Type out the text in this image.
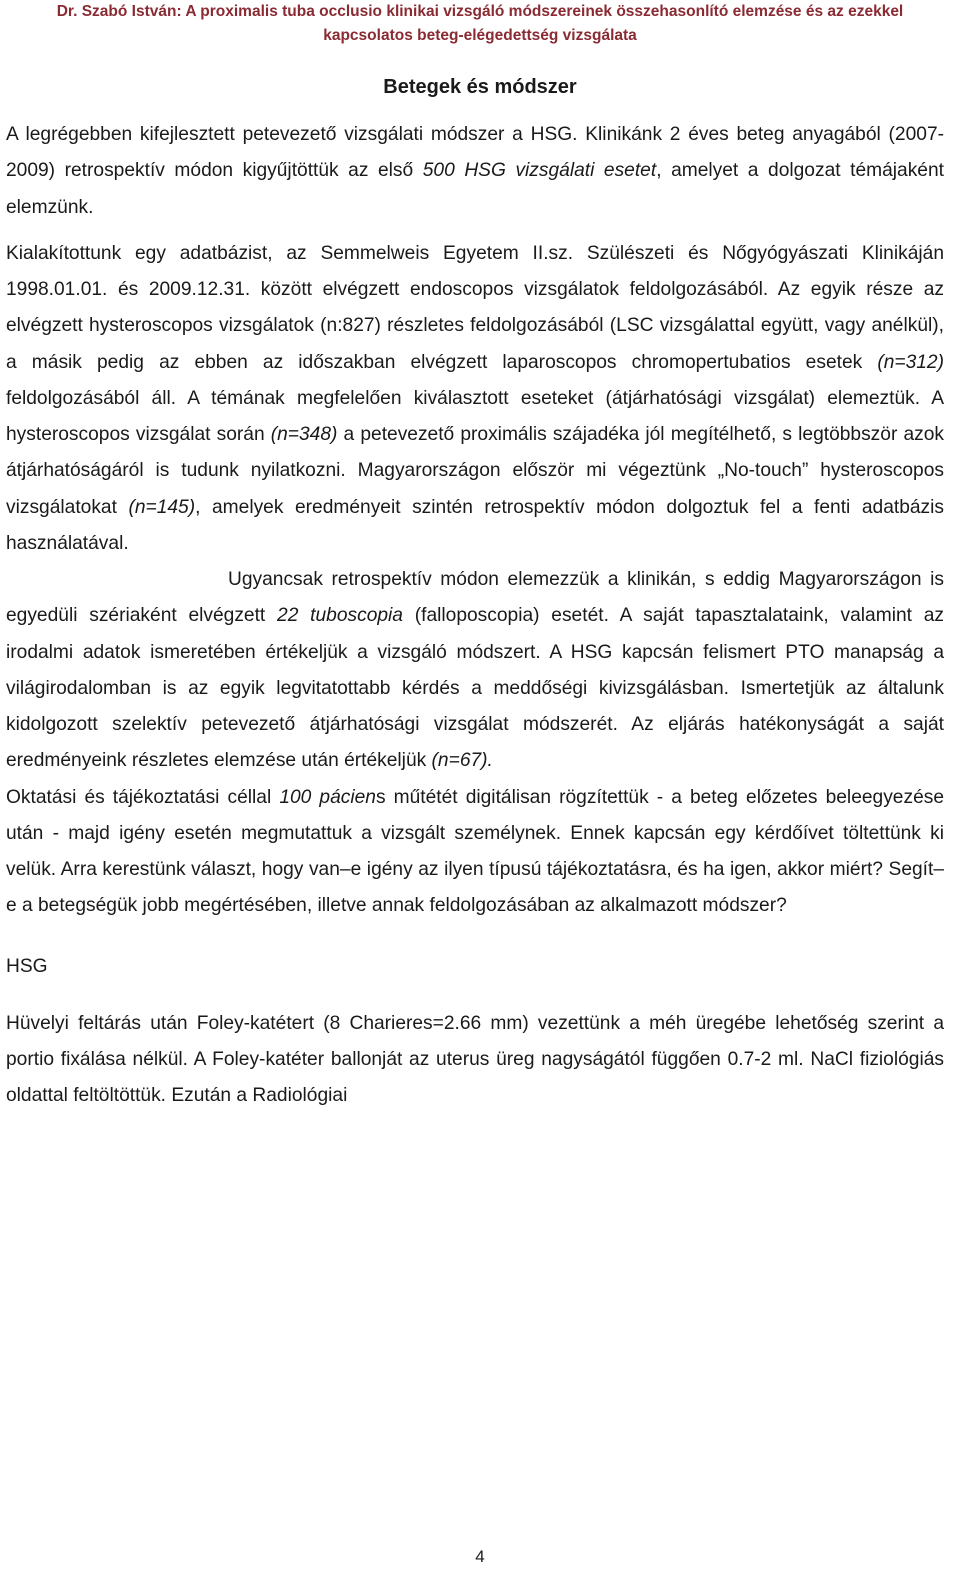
Dr. Szabó István: A proximalis tuba occlusio klinikai vizsgáló módszereinek összehasonlító elemzése és az ezekkel
kapcsolatos beteg-elégedettség vizsgálata
Betegek és módszer

A legrégebben kifejlesztett petevezető vizsgálati módszer a HSG. Klinikánk 2 éves beteg anyagából (2007-2009) retrospektív módon kigyűjtöttük az első 500 HSG vizsgálati esetet, amelyet a dolgozat témájaként elemzünk.

Kialakítottunk egy adatbázist, az Semmelweis Egyetem II.sz. Szülészeti és Nőgyógyászati Klinikáján 1998.01.01. és 2009.12.31. között elvégzett endoscopos vizsgálatok feldolgozásából. Az egyik része az elvégzett hysteroscopos vizsgálatok (n:827) részletes feldolgozásából (LSC vizsgálattal együtt, vagy anélkül), a másik pedig az ebben az időszakban elvégzett laparoscopos chromopertubatios esetek (n=312) feldolgozásából áll. A témának megfelelően kiválasztott eseteket (átjárhatósági vizsgálat) elemeztük. A hysteroscopos vizsgálat során (n=348) a petevezető proximális szájadéka jól megítélhető, s legtöbbször azok átjárhatóságáról is tudunk nyilatkozni. Magyarországon először mi végeztünk „No-touch” hysteroscopos vizsgálatokat (n=145), amelyek eredményeit szintén retrospektív módon dolgoztuk fel a fenti adatbázis használatával.

Ugyancsak retrospektív módon elemezzük a klinikán, s eddig Magyarországon is egyedüli szériaként elvégzett 22 tuboscopia (falloposcopia) esetét. A saját tapasztalataink, valamint az irodalmi adatok ismeretében értékeljük a vizsgáló módszert. A HSG kapcsán felismert PTO manapság a világirodalomban is az egyik legvitatottabb kérdés a meddőségi kivizsgálásban. Ismertetjük az általunk kidolgozott szelektív petevezető átjárhatósági vizsgálat módszerét. Az eljárás hatékonyságát a saját eredményeink részletes elemzése után értékeljük (n=67).

Oktatási és tájékoztatási céllal 100 páciens műtétét digitálisan rögzítettük - a beteg előzetes beleegyezése után - majd igény esetén megmutattuk a vizsgált személynek. Ennek kapcsán egy kérdőívet töltettünk ki velük. Arra kerestünk választ, hogy van–e igény az ilyen típusú tájékoztatásra, és ha igen, akkor miért? Segít–e a betegségük jobb megértésében, illetve annak feldolgozásában az alkalmazott módszer?

HSG

Hüvelyi feltárás után Foley-katétert (8 Charieres=2.66 mm) vezettünk a méh üregébe lehetőség szerint a portio fixálása nélkül. A Foley-katéter ballonját az uterus üreg nagyságától függően 0.7-2 ml. NaCl fiziológiás oldattal feltöltöttük. Ezután a Radiológiai

4
